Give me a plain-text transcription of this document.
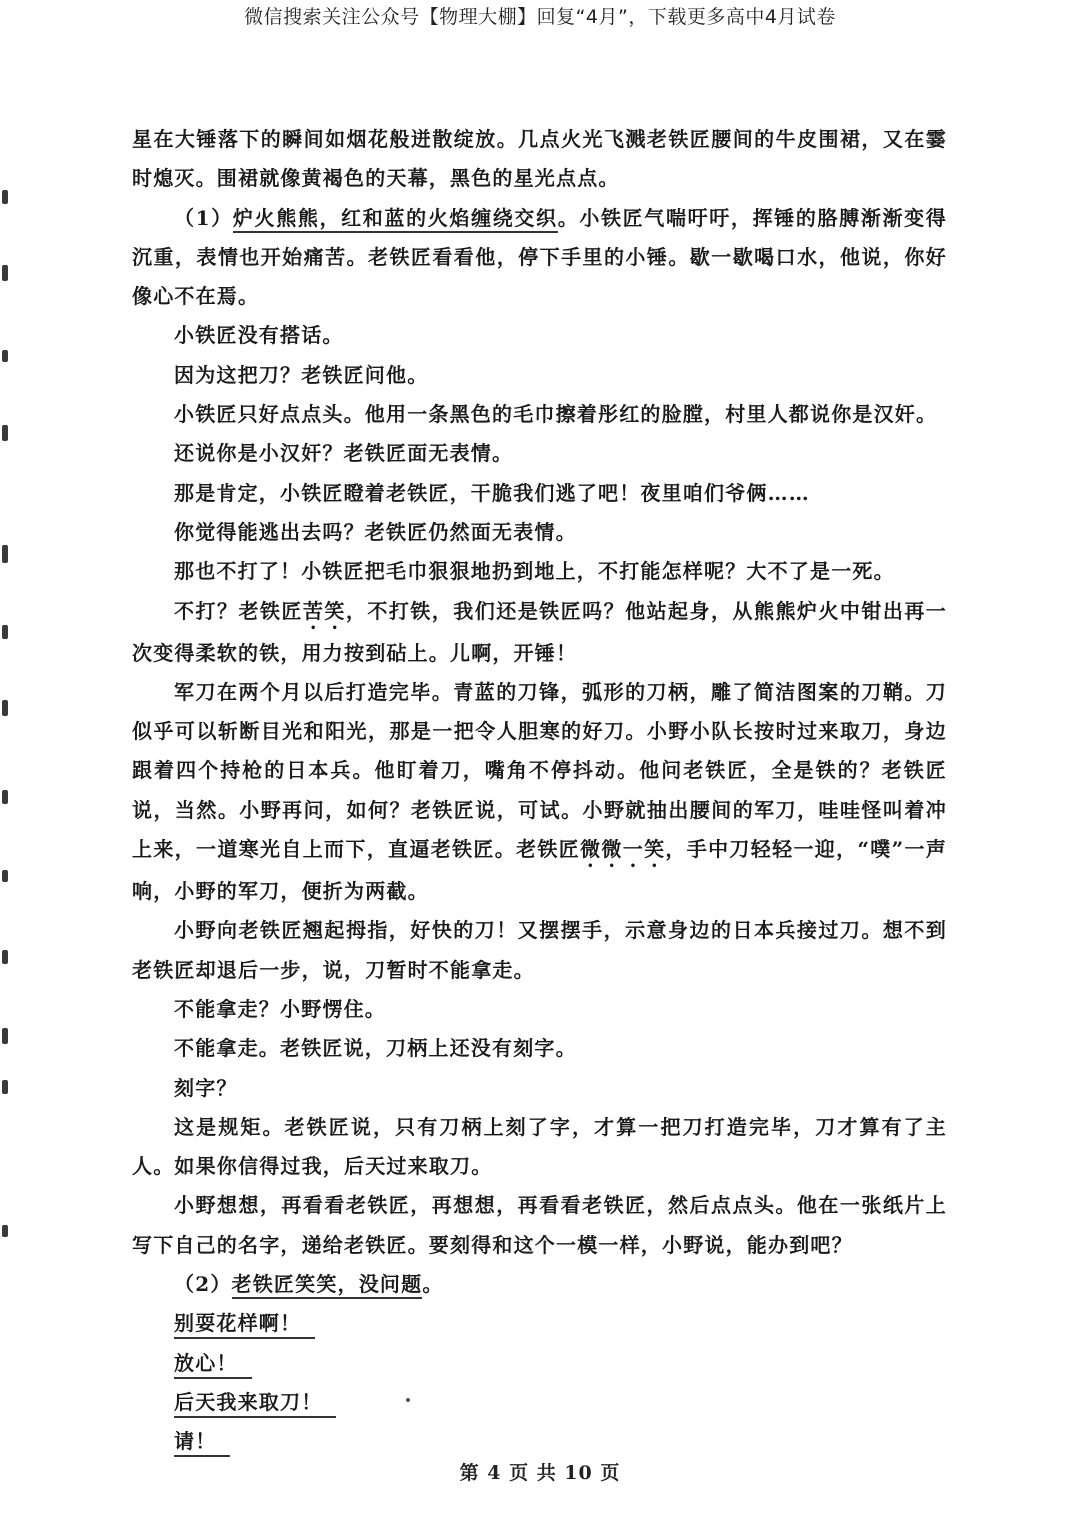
微信搜索关注公众号【物理大棚】回复“4月”，下载更多高中4月试卷

星在大锤落下的瞬间如烟花般迸散绽放。几点火光飞溅老铁匠腰间的牛皮围裙，又在霎时熄灭。围裙就像黄褐色的天幕，黑色的星光点点。

（1）炉火熊熊，红和蓝的火焰缠绕交织。小铁匠气喘吁吁，挥锤的胳膊渐渐变得沉重，表情也开始痛苦。老铁匠看看他，停下手里的小锤。歇一歇喝口水，他说，你好像心不在焉。

小铁匠没有搭话。

因为这把刀？老铁匠问他。

小铁匠只好点点头。他用一条黑色的毛巾擦着彤红的脸膛，村里人都说你是汉奸。

还说你是小汉奸？老铁匠面无表情。

那是肯定，小铁匠瞪着老铁匠，干脆我们逃了吧！夜里咱们爷俩……

你觉得能逃出去吗？老铁匠仍然面无表情。

那也不打了！小铁匠把毛巾狠狠地扔到地上，不打能怎样呢？大不了是一死。

不打？老铁匠苦笑，不打铁，我们还是铁匠吗？他站起身，从熊熊炉火中钳出再一次变得柔软的铁，用力按到砧上。儿啊，开锤！

军刀在两个月以后打造完毕。青蓝的刀锋，弧形的刀柄，雕了简洁图案的刀鞘。刀似乎可以斩断目光和阳光，那是一把令人胆寒的好刀。小野小队长按时过来取刀，身边跟着四个持枪的日本兵。他盯着刀，嘴角不停抖动。他问老铁匠，全是铁的？老铁匠说，当然。小野再问，如何？老铁匠说，可试。小野就抽出腰间的军刀，哇哇怪叫着冲上来，一道寒光自上而下，直逼老铁匠。老铁匠微微一笑，手中刀轻轻一迎，“噗”一声响，小野的军刀，便折为两截。

小野向老铁匠翘起拇指，好快的刀！又摆摆手，示意身边的日本兵接过刀。想不到老铁匠却退后一步，说，刀暂时不能拿走。

不能拿走？小野愣住。

不能拿走。老铁匠说，刀柄上还没有刻字。

刻字？

这是规矩。老铁匠说，只有刀柄上刻了字，才算一把刀打造完毕，刀才算有了主人。如果你信得过我，后天过来取刀。

小野想想，再看看老铁匠，再想想，再看看老铁匠，然后点点头。他在一张纸片上写下自己的名字，递给老铁匠。要刻得和这个一模一样，小野说，能办到吧？

（2）老铁匠笑笑，没问题。

别耍花样啊！
放心！
后天我来取刀！
请！
第 4 页 共 10 页
